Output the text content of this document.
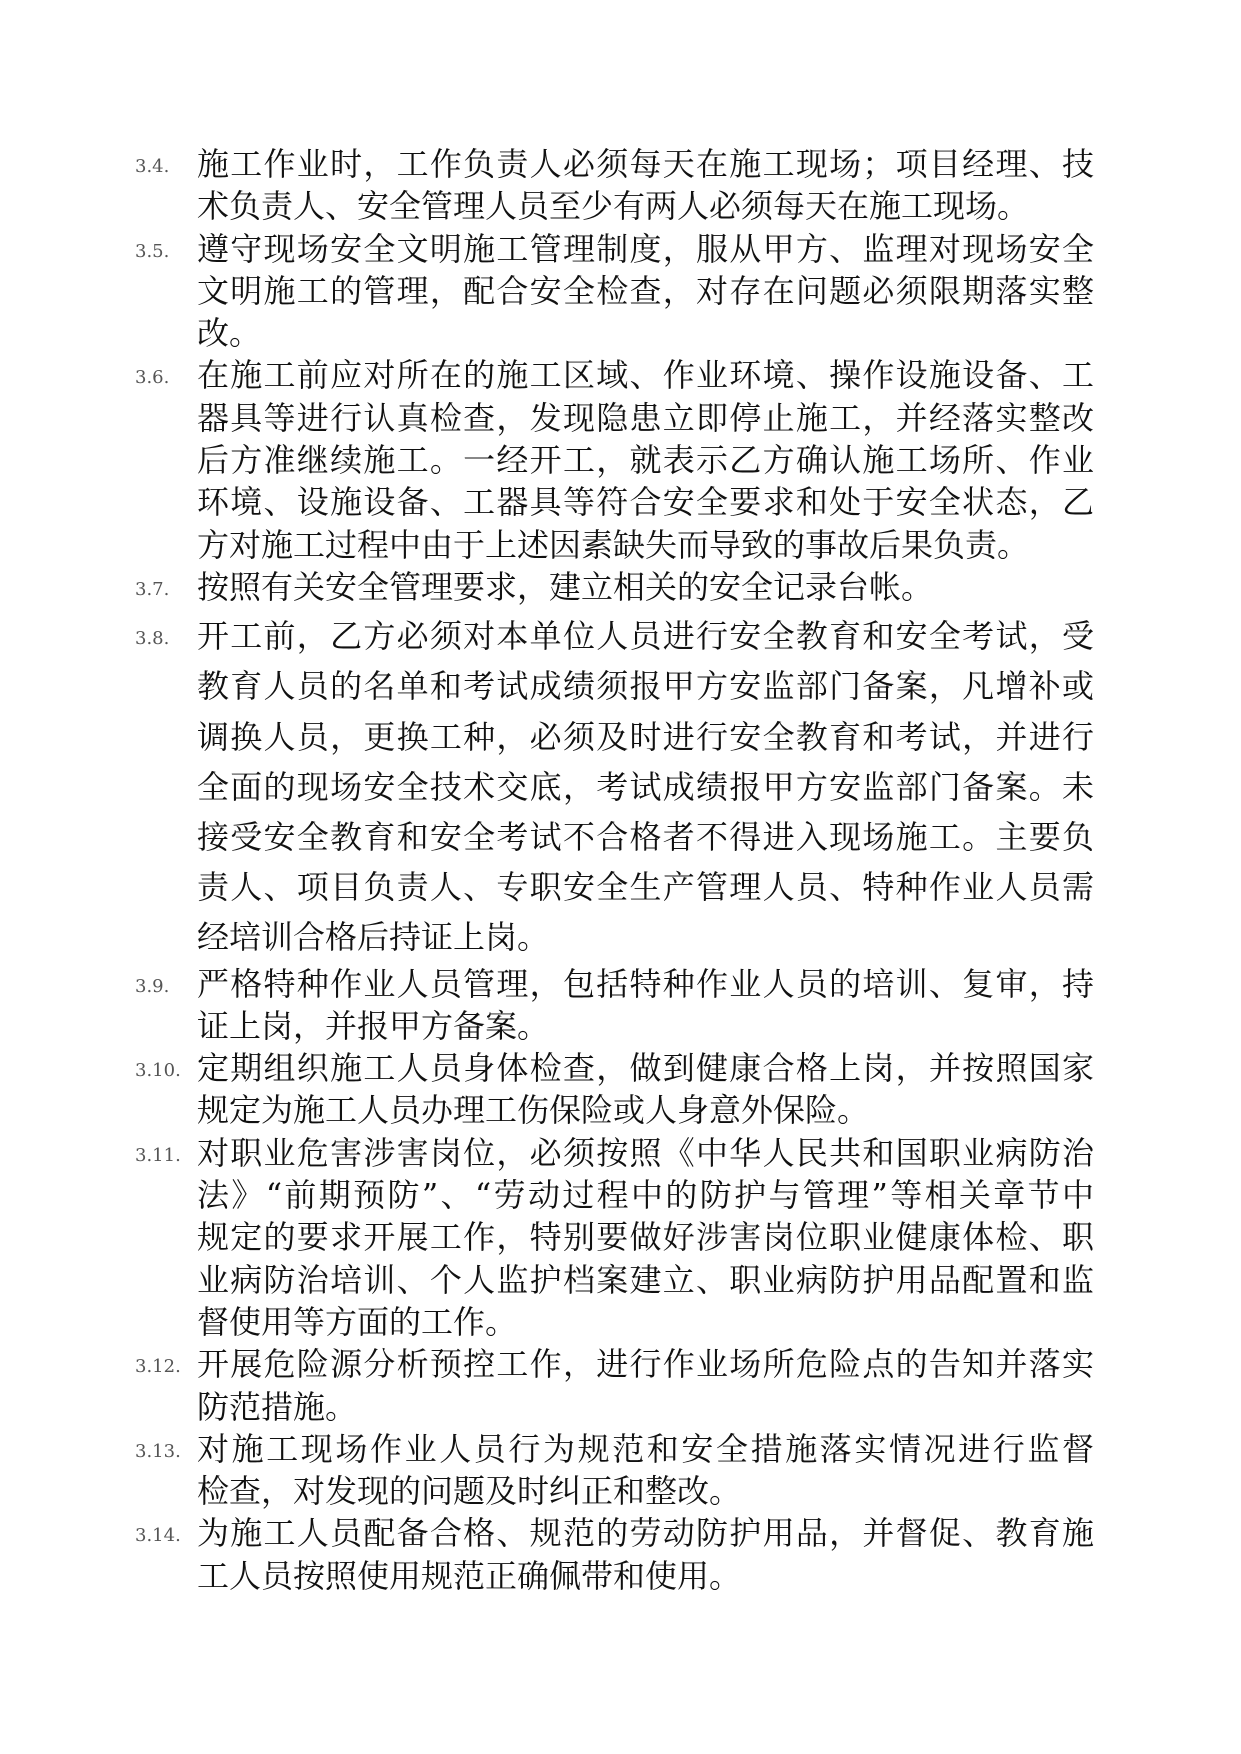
3.4. 施工作业时，工作负责人必须每天在施工现场；项目经理、技
术负责人、安全管理人员至少有两人必须每天在施工现场。
3.5. 遵守现场安全文明施工管理制度，服从甲方、监理对现场安全
文明施工的管理，配合安全检查，对存在问题必须限期落实整
改。
3.6. 在施工前应对所在的施工区域、作业环境、操作设施设备、工
器具等进行认真检查，发现隐患立即停止施工，并经落实整改
后方准继续施工。一经开工，就表示乙方确认施工场所、作业
环境、设施设备、工器具等符合安全要求和处于安全状态，乙
方对施工过程中由于上述因素缺失而导致的事故后果负责。
3.7. 按照有关安全管理要求，建立相关的安全记录台帐。
3.8. 开工前，乙方必须对本单位人员进行安全教育和安全考试，受
教育人员的名单和考试成绩须报甲方安监部门备案，凡增补或
调换人员，更换工种，必须及时进行安全教育和考试，并进行
全面的现场安全技术交底，考试成绩报甲方安监部门备案。未
接受安全教育和安全考试不合格者不得进入现场施工。主要负
责人、项目负责人、专职安全生产管理人员、特种作业人员需
经培训合格后持证上岗。
3.9. 严格特种作业人员管理，包括特种作业人员的培训、复审，持
证上岗，并报甲方备案。
3.10. 定期组织施工人员身体检查，做到健康合格上岗，并按照国家
规定为施工人员办理工伤保险或人身意外保险。
3.11. 对职业危害涉害岗位，必须按照《中华人民共和国职业病防治
法》“前期预防”、“劳动过程中的防护与管理”等相关章节中
规定的要求开展工作，特别要做好涉害岗位职业健康体检、职
业病防治培训、个人监护档案建立、职业病防护用品配置和监
督使用等方面的工作。
3.12. 开展危险源分析预控工作，进行作业场所危险点的告知并落实
防范措施。
3.13. 对施工现场作业人员行为规范和安全措施落实情况进行监督
检查，对发现的问题及时纠正和整改。
3.14. 为施工人员配备合格、规范的劳动防护用品，并督促、教育施
工人员按照使用规范正确佩带和使用。
